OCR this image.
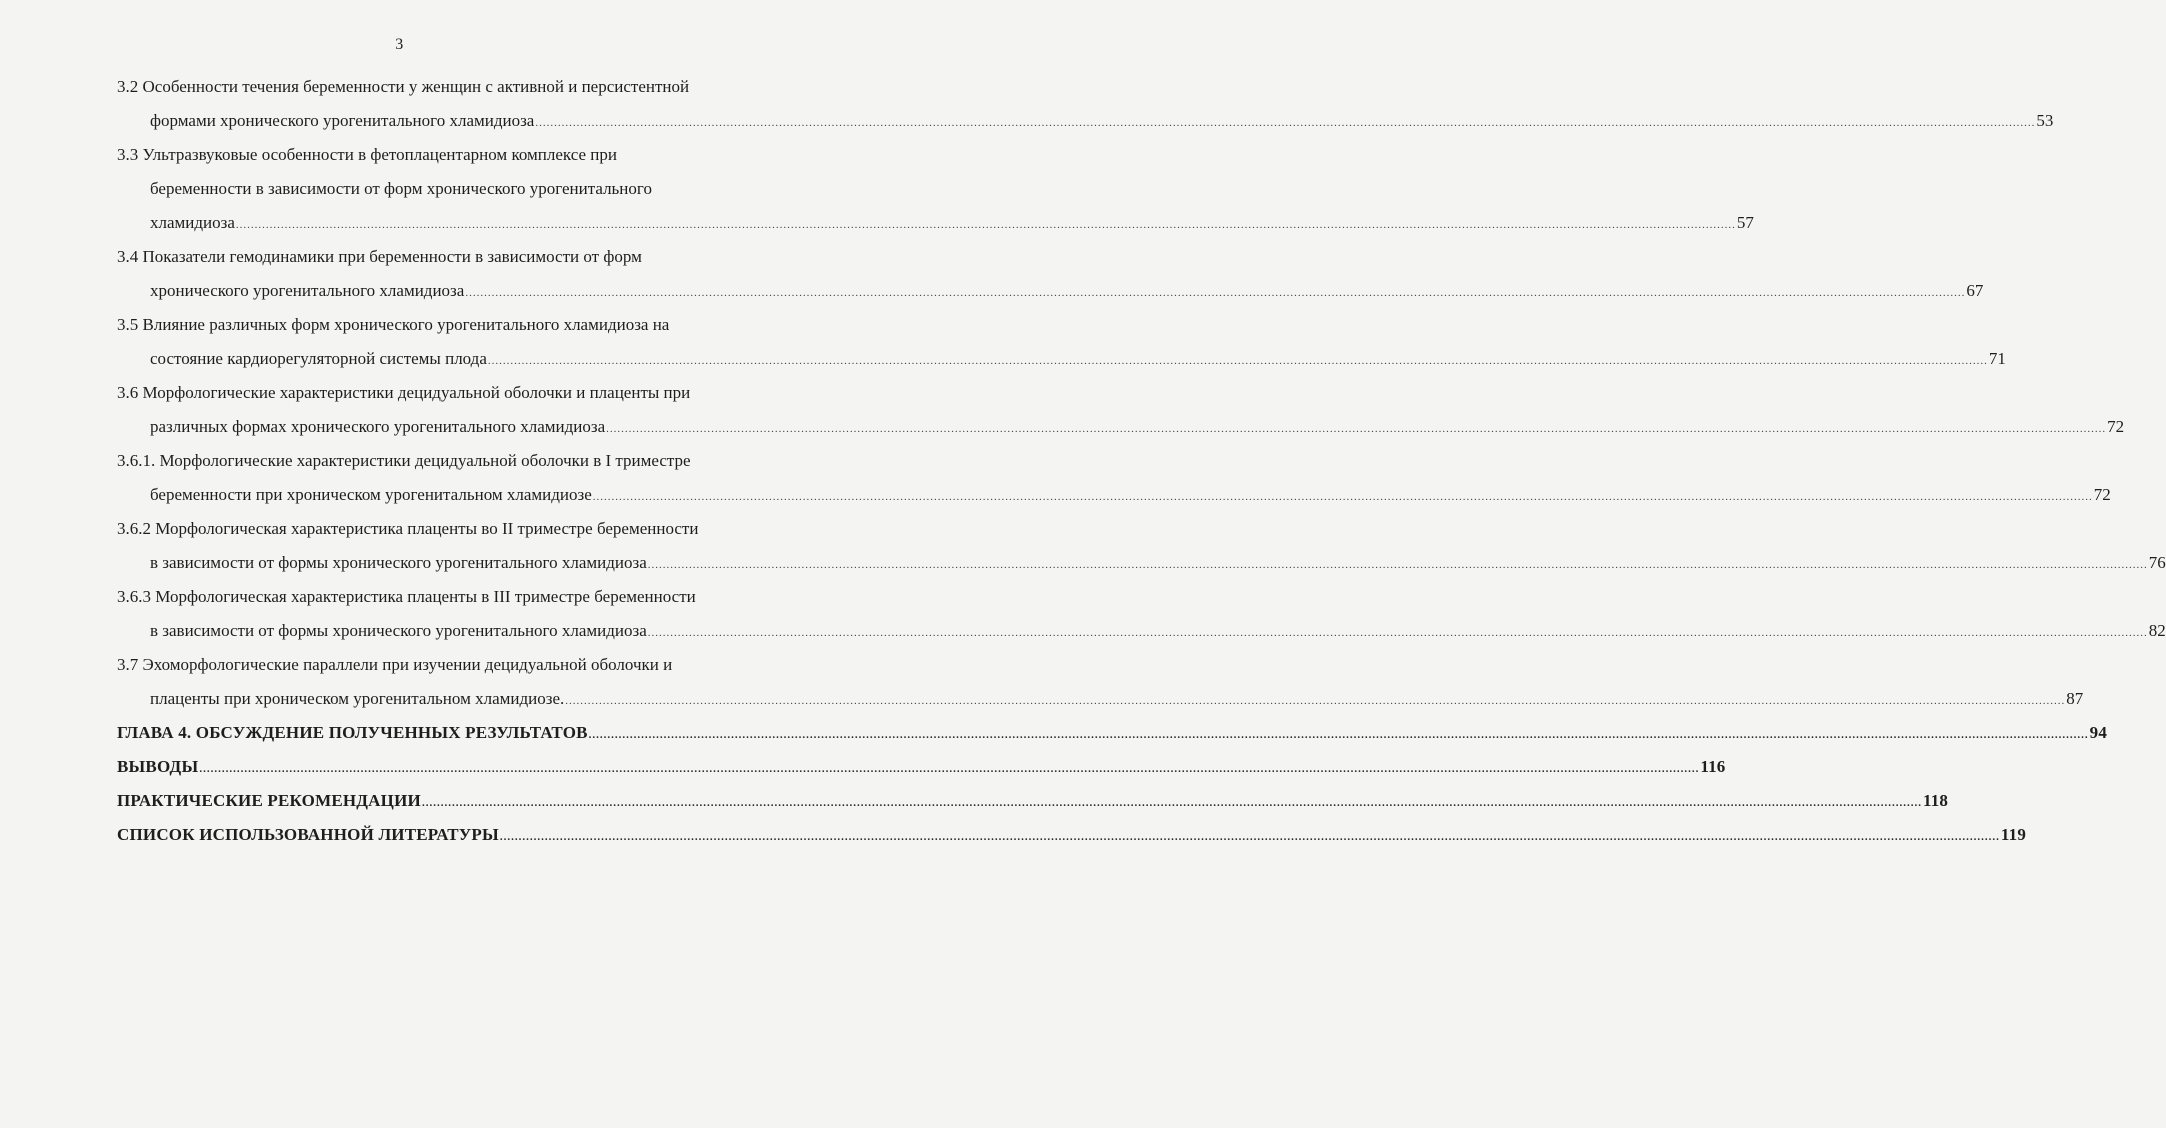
3
3.2 Особенности течения беременности у женщин с активной и персистентной
формами хронического урогенитального хламидиоза ................................................................................................................................................................................................................................................................................................................................................................................................................ 53
3.3 Ультразвуковые особенности в фетоплацентарном комплексе при
беременности в зависимости от форм хронического урогенитального
хламидиоза ................................................................................................................................................................................................................................................................................................................................................................................................................ 57
3.4 Показатели гемодинамики при беременности в зависимости от форм
хронического урогенитального хламидиоза ................................................................................................................................................................................................................................................................................................................................................................................................................ 67
3.5 Влияние различных форм хронического урогенитального хламидиоза на
состояние кардиорегуляторной системы плода ................................................................................................................................................................................................................................................................................................................................................................................................................ 71
3.6 Морфологические характеристики децидуальной оболочки и плаценты при
различных формах хронического урогенитального хламидиоза ................................................................................................................................................................................................................................................................................................................................................................................................................ 72
3.6.1. Морфологические характеристики децидуальной оболочки в I триместре
беременности при хроническом урогенитальном хламидиозе ................................................................................................................................................................................................................................................................................................................................................................................................................ 72
3.6.2 Морфологическая характеристика плаценты во II триместре беременности
в зависимости от формы хронического урогенитального хламидиоза ................................................................................................................................................................................................................................................................................................................................................................................................................ 76
3.6.3 Морфологическая характеристика плаценты в III триместре беременности
в зависимости от формы хронического урогенитального хламидиоза ................................................................................................................................................................................................................................................................................................................................................................................................................ 82
3.7 Эхоморфологические параллели при изучении децидуальной оболочки и
плаценты при хроническом урогенитальном хламидиозе. ................................................................................................................................................................................................................................................................................................................................................................................................................ 87
ГЛАВА 4. ОБСУЖДЕНИЕ ПОЛУЧЕННЫХ РЕЗУЛЬТАТОВ ................................................................................................................................................................................................................................................................................................................................................................................................................ 94
ВЫВОДЫ ................................................................................................................................................................................................................................................................................................................................................................................................................ 116
ПРАКТИЧЕСКИЕ РЕКОМЕНДАЦИИ ................................................................................................................................................................................................................................................................................................................................................................................................................ 118
СПИСОК ИСПОЛЬЗОВАННОЙ ЛИТЕРАТУРЫ ................................................................................................................................................................................................................................................................................................................................................................................................................ 119
